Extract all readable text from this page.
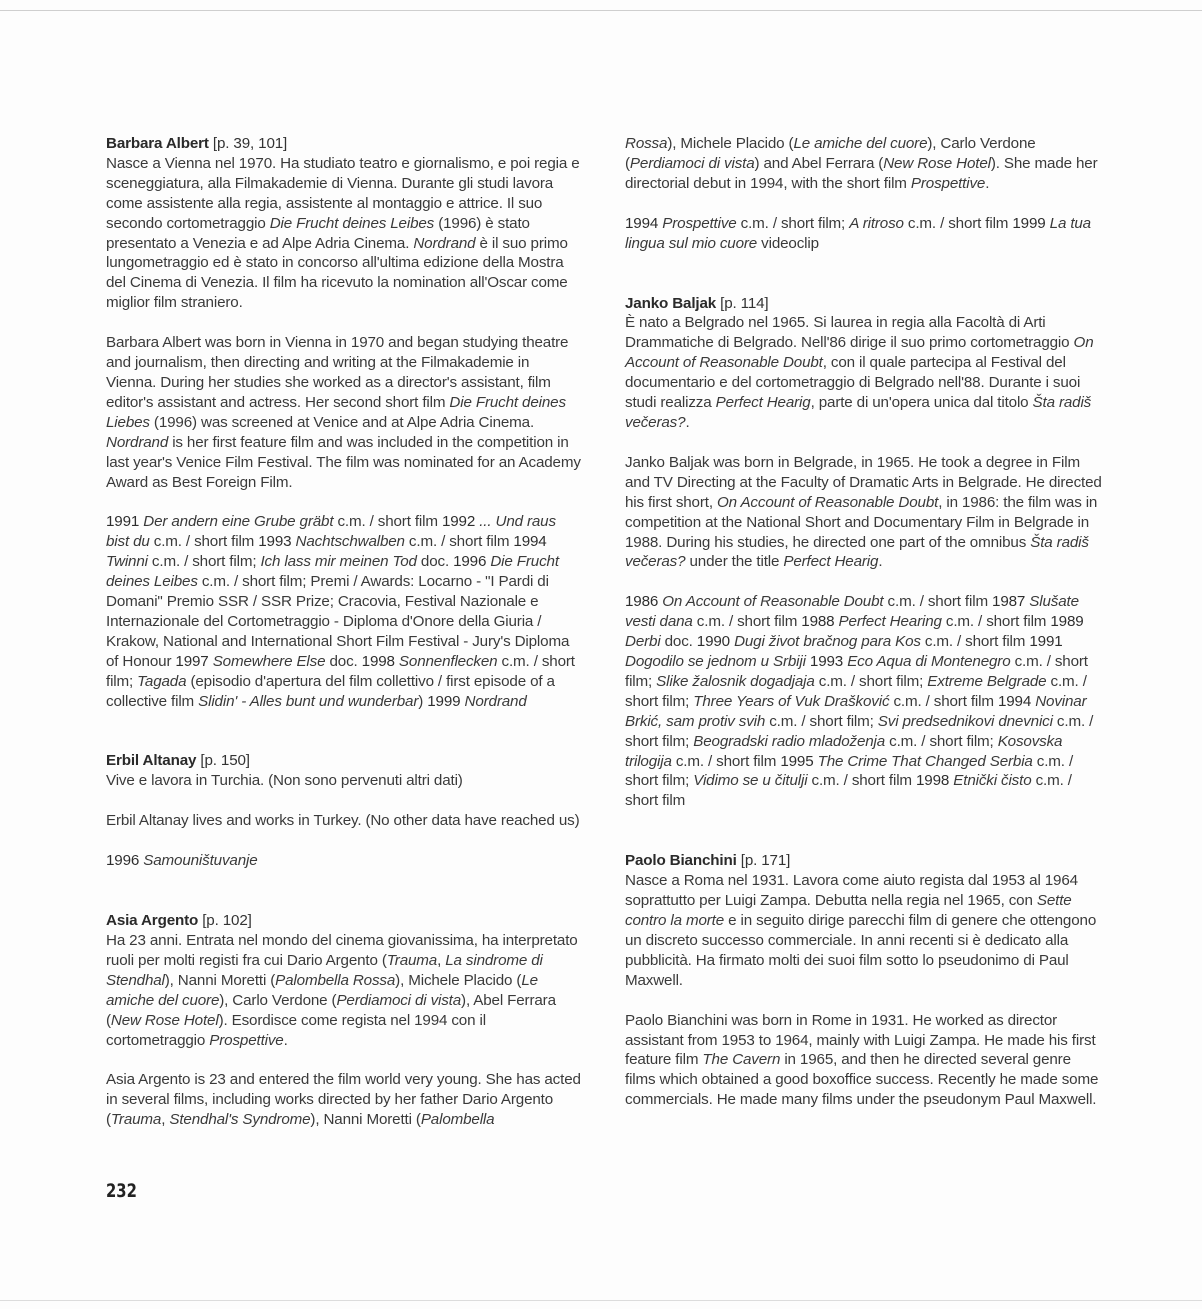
Barbara Albert [p. 39, 101]

Nasce a Vienna nel 1970. Ha studiato teatro e giornalismo, e poi regia e sceneggiatura, alla Filmakademie di Vienna. Durante gli studi lavora come assistente alla regia, assistente al montaggio e attrice. Il suo secondo cortometraggio Die Frucht deines Leibes (1996) è stato presentato a Venezia e ad Alpe Adria Cinema. Nordrand è il suo primo lungometraggio ed è stato in concorso all'ultima edizione della Mostra del Cinema di Venezia. Il film ha ricevuto la nomination all'Oscar come miglior film straniero.

Barbara Albert was born in Vienna in 1970 and began studying theatre and journalism, then directing and writing at the Filmakademie in Vienna. During her studies she worked as a director's assistant, film editor's assistant and actress. Her second short film Die Frucht deines Liebes (1996) was screened at Venice and at Alpe Adria Cinema. Nordrand is her first feature film and was included in the competition in last year's Venice Film Festival. The film was nominated for an Academy Award as Best Foreign Film.

1991 Der andern eine Grube gräbt c.m. / short film 1992 ... Und raus bist du c.m. / short film 1993 Nachtschwalben c.m. / short film 1994 Twinni c.m. / short film; Ich lass mir meinen Tod doc. 1996 Die Frucht deines Leibes c.m. / short film; Premi / Awards: Locarno - "I Pardi di Domani" Premio SSR / SSR Prize; Cracovia, Festival Nazionale e Internazionale del Cortometraggio - Diploma d'Onore della Giuria / Krakow, National and International Short Film Festival - Jury's Diploma of Honour 1997 Somewhere Else doc. 1998 Sonnenflecken c.m. / short film; Tagada (episodio d'apertura del film collettivo / first episode of a collective film Slidin' - Alles bunt und wunderbar) 1999 Nordrand

Erbil Altanay [p. 150]

Vive e lavora in Turchia. (Non sono pervenuti altri dati)

Erbil Altanay lives and works in Turkey. (No other data have reached us)

1996 Samouništuvanje

Asia Argento [p. 102]

Ha 23 anni. Entrata nel mondo del cinema giovanissima, ha interpretato ruoli per molti registi fra cui Dario Argento (Trauma, La sindrome di Stendhal), Nanni Moretti (Palombella Rossa), Michele Placido (Le amiche del cuore), Carlo Verdone (Perdiamoci di vista), Abel Ferrara (New Rose Hotel). Esordisce come regista nel 1994 con il cortometraggio Prospettive.

Asia Argento is 23 and entered the film world very young. She has acted in several films, including works directed by her father Dario Argento (Trauma, Stendhal's Syndrome), Nanni Moretti (Palombella

Rossa), Michele Placido (Le amiche del cuore), Carlo Verdone (Perdiamoci di vista) and Abel Ferrara (New Rose Hotel). She made her directorial debut in 1994, with the short film Prospettive.

1994 Prospettive c.m. / short film; A ritroso c.m. / short film 1999 La tua lingua sul mio cuore videoclip

Janko Baljak [p. 114]

È nato a Belgrado nel 1965. Si laurea in regia alla Facoltà di Arti Drammatiche di Belgrado. Nell'86 dirige il suo primo cortometraggio On Account of Reasonable Doubt, con il quale partecipa al Festival del documentario e del cortometraggio di Belgrado nell'88. Durante i suoi studi realizza Perfect Hearig, parte di un'opera unica dal titolo Šta radiš večeras?.

Janko Baljak was born in Belgrade, in 1965. He took a degree in Film and TV Directing at the Faculty of Dramatic Arts in Belgrade. He directed his first short, On Account of Reasonable Doubt, in 1986: the film was in competition at the National Short and Documentary Film in Belgrade in 1988. During his studies, he directed one part of the omnibus Šta radiš večeras? under the title Perfect Hearig.

1986 On Account of Reasonable Doubt c.m. / short film 1987 Slušate vesti dana c.m. / short film 1988 Perfect Hearing c.m. / short film 1989 Derbi doc. 1990 Dugi život bračnog para Kos c.m. / short film 1991 Dogodilo se jednom u Srbiji 1993 Eco Aqua di Montenegro c.m. / short film; Slike žalosnik dogadjaja c.m. / short film; Extreme Belgrade c.m. / short film; Three Years of Vuk Drašković c.m. / short film 1994 Novinar Brkić, sam protiv svih c.m. / short film; Svi predsednikovi dnevnici c.m. / short film; Beogradski radio mladoženja c.m. / short film; Kosovska trilogija c.m. / short film 1995 The Crime That Changed Serbia c.m. / short film; Vidimo se u čitulji c.m. / short film 1998 Etnički čisto c.m. / short film

Paolo Bianchini [p. 171]

Nasce a Roma nel 1931. Lavora come aiuto regista dal 1953 al 1964 soprattutto per Luigi Zampa. Debutta nella regia nel 1965, con Sette contro la morte e in seguito dirige parecchi film di genere che ottengono un discreto successo commerciale. In anni recenti si è dedicato alla pubblicità. Ha firmato molti dei suoi film sotto lo pseudonimo di Paul Maxwell.

Paolo Bianchini was born in Rome in 1931. He worked as director assistant from 1953 to 1964, mainly with Luigi Zampa. He made his first feature film The Cavern in 1965, and then he directed several genre films which obtained a good boxoffice success. Recently he made some commercials. He made many films under the pseudonym Paul Maxwell.

232
